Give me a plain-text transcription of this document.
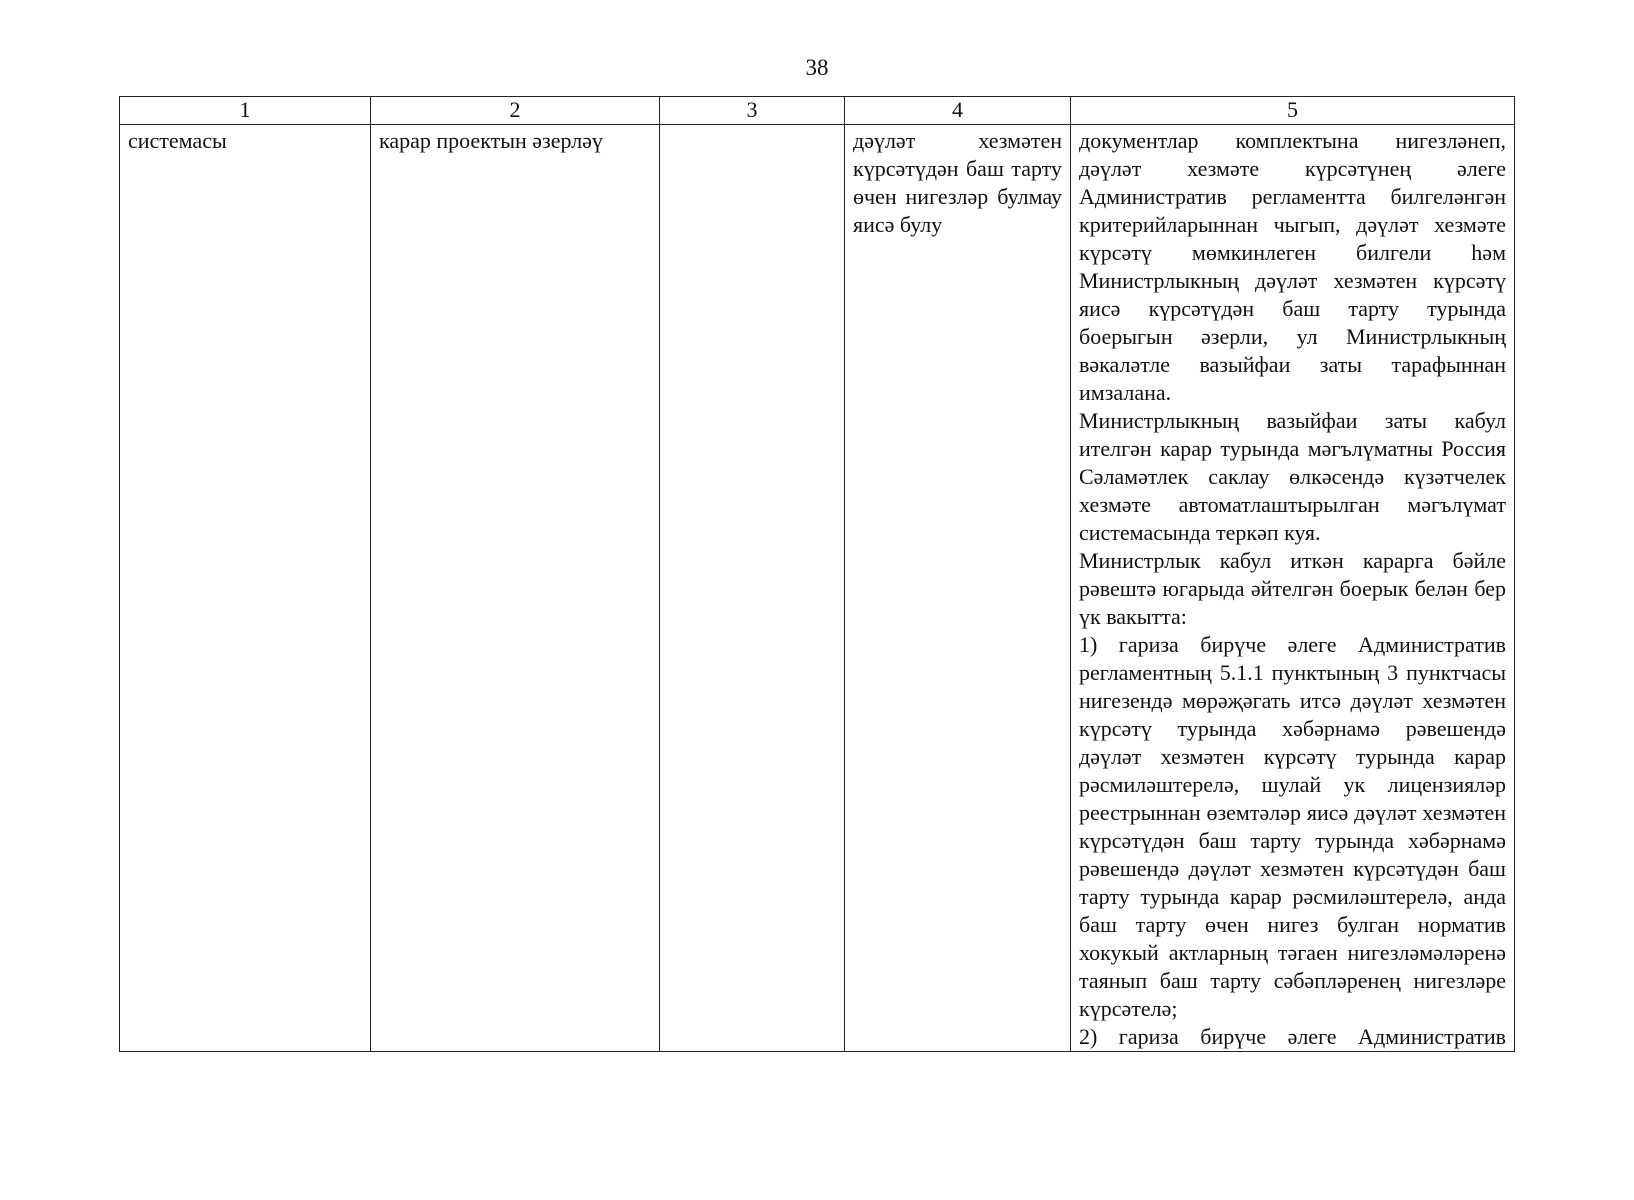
38
1	2	3	4	5

системасы	карар проектын әзерләү		дәүләт хезмәтен күрсәтүдән баш тарту өчен нигезләр булмау яисә булу	документлар комплектына нигезләнеп, дәүләт хезмәте күрсәтүнең әлеге Административ регламентта билгеләнгән критерийларыннан чыгып, дәүләт хезмәте күрсәтү мөмкинлеген билгели һәм Министрлыкның дәүләт хезмәтен күрсәтү яисә күрсәтүдән баш тарту турында боерыгын әзерли, ул Министрлыкның вәкаләтле вазыйфаи заты тарафыннан имзалана.

Министрлыкның вазыйфаи заты кабул ителгән карар турында мәгълүматны Россия Сәламәтлек саклау өлкәсендә күзәтчелек хезмәте автоматлаштырылган мәгълүмат системасында теркәп куя.

Министрлык кабул иткән карарга бәйле рәвештә югарыда әйтелгән боерык белән бер үк вакытта:

1) гариза бирүче әлеге Административ регламентның 5.1.1 пунктының 3 пунктчасы нигезендә мөрәҗәгать итсә дәүләт хезмәтен күрсәтү турында хәбәрнамә рәвешендә дәүләт хезмәтен күрсәтү турында карар рәсмиләштерелә, шулай ук лицензияләр реестрыннан өземтәләр яисә дәүләт хезмәтен күрсәтүдән баш тарту турында хәбәрнамә рәвешендә дәүләт хезмәтен күрсәтүдән баш тарту турында карар рәсмиләштерелә, анда баш тарту өчен нигез булган норматив хокукый актларның тәгаен нигезләмәләренә таянып баш тарту сәбәпләренең нигезләре күрсәтелә;

2) гариза бирүче әлеге Административ
